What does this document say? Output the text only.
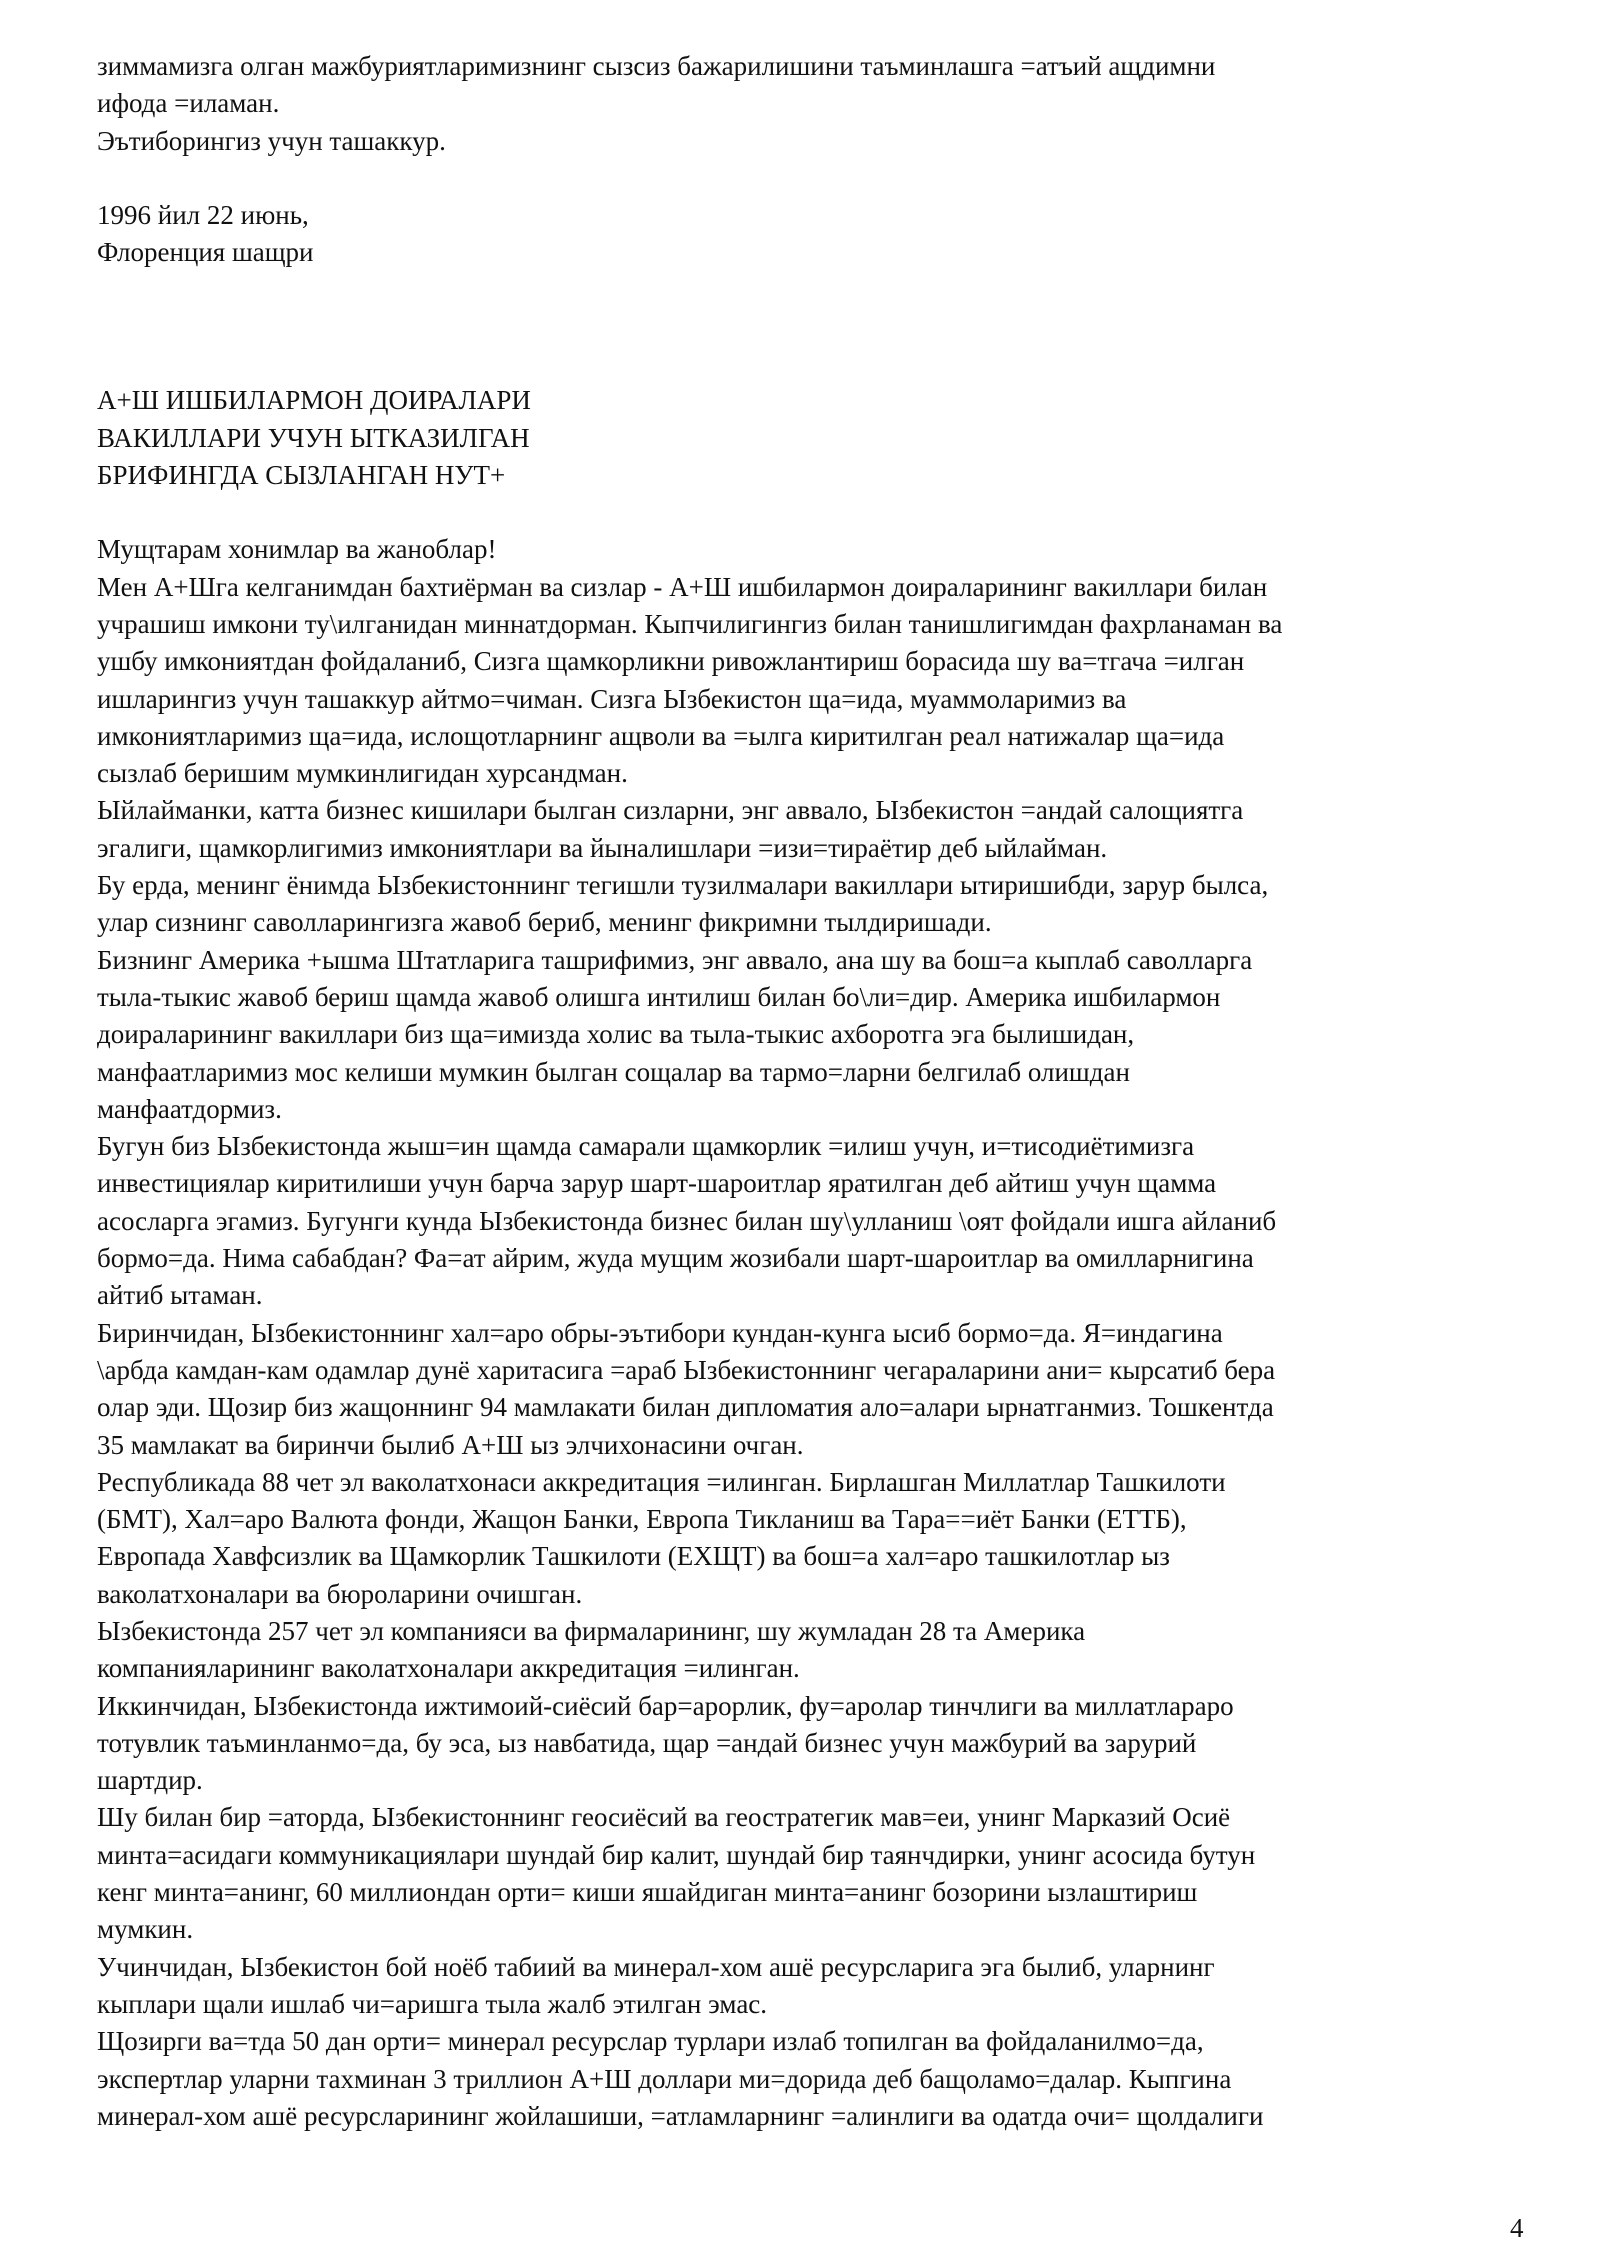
зиммамизга олган мажбуриятларимизнинг сызсиз бажарилишини таъминлашга =атъий ащдимни
ифода =иламан.
Эътиборингиз учун ташаккур.
1996 йил 22 июнь,
Флоренция шащри
А+Ш ИШБИЛАРМОН ДОИРАЛАРИ
ВАКИЛЛАРИ УЧУН ЫТКАЗИЛГАН
БРИФИНГДА СЫЗЛАНГАН НУТ+
Мущтарам хонимлар ва жаноблар!
Мен А+Шга келганимдан бахтиёрман ва сизлар - А+Ш ишбилармон доираларининг вакиллари билан
учрашиш имкони ту\илганидан миннатдорман. Кыпчилигингиз билан танишлигимдан фахрланаман ва
ушбу имкониятдан фойдаланиб, Сизга щамкорликни ривожлантириш борасида шу ва=тгача =илган
ишларингиз учун ташаккур айтмо=чиман. Сизга Ызбекистон ща=ида, муаммоларимиз ва
имкониятларимиз ща=ида, ислощотларнинг ащволи ва =ылга киритилган реал натижалар ща=ида
сызлаб беришим мумкинлигидан хурсандман.
Ыйлайманки, катта бизнес кишилари былган сизларни, энг аввало, Ызбекистон =андай салощиятга
эгалиги, щамкорлигимиз имкониятлари ва йыналишлари =изи=тираётир деб ыйлайман.
Бу ерда, менинг ёнимда Ызбекистоннинг тегишли тузилмалари вакиллари ытиришибди, зарур былса,
улар сизнинг саволларингизга жавоб бериб, менинг фикримни тылдиришади.
Бизнинг Америка +ышма Штатларига ташрифимиз, энг аввало, ана шу ва бош=а кыплаб саволларга
тыла-тыкис жавоб бериш щамда жавоб олишга интилиш билан бо\ли=дир. Америка ишбилармон
доираларининг вакиллари биз ща=имизда холис ва тыла-тыкис ахборотга эга былишидан,
манфаатларимиз мос келиши мумкин былган сощалар ва тармо=ларни белгилаб олишдан
манфаатдормиз.
Бугун биз Ызбекистонда жыш=ин щамда самарали щамкорлик =илиш учун, и=тисодиётимизга
инвестициялар киритилиши учун барча зарур шарт-шароитлар яратилган деб айтиш учун щамма
асосларга эгамиз. Бугунги кунда Ызбекистонда бизнес билан шу\улланиш \оят фойдали ишга айланиб
бормо=да. Нима сабабдан? Фа=ат айрим, жуда мущим жозибали шарт-шароитлар ва омилларнигина
айтиб ытаман.
Биринчидан, Ызбекистоннинг хал=аро обры-эътибори кундан-кунга ысиб бормо=да. Я=индагина
\арбда камдан-кам одамлар дунё харитасига =араб Ызбекистоннинг чегараларини ани= кырсатиб бера
олар эди. Щозир биз жащоннинг 94 мамлакати билан дипломатия ало=алари ырнатганмиз. Тошкентда
35 мамлакат ва биринчи былиб А+Ш ыз элчихонасини очган.
Республикада 88 чет эл ваколатхонаси аккредитация =илинган. Бирлашган Миллатлар Ташкилоти
(БМТ), Хал=аро Валюта фонди, Жащон Банки, Европа Тикланиш ва Тара==иёт Банки (ЕТТБ),
Европада Хавфсизлик ва Щамкорлик Ташкилоти (ЕХЩТ) ва бош=а хал=аро ташкилотлар ыз
ваколатхоналари ва бюроларини очишган.
Ызбекистонда 257 чет эл компанияси ва фирмаларининг, шу жумладан 28 та Америка
компанияларининг ваколатхоналари аккредитация =илинган.
Иккинчидан, Ызбекистонда ижтимоий-сиёсий бар=арорлик, фу=аролар тинчлиги ва миллатлараро
тотувлик таъминланмо=да, бу эса, ыз навбатида, щар =андай бизнес учун мажбурий ва зарурий
шартдир.
Шу билан бир =аторда, Ызбекистоннинг геосиёсий ва геостратегик мав=еи, унинг Марказий Осиё
минта=асидаги коммуникациялари шундай бир калит, шундай бир таянчдирки, унинг асосида бутун
кенг минта=анинг, 60 миллиондан орти= киши яшайдиган минта=анинг бозорини ызлаштириш
мумкин.
Учинчидан, Ызбекистон бой ноёб табиий ва минерал-хом ашё ресурсларига эга былиб, уларнинг
кыплари щали ишлаб чи=аришга тыла жалб этилган эмас.
Щозирги ва=тда 50 дан орти= минерал ресурслар турлари излаб топилган ва фойдаланилмо=да,
экспертлар уларни тахминан 3 триллион А+Ш доллари ми=дорида деб бащоламо=далар. Кыпгина
минерал-хом ашё ресурсларининг жойлашиши, =атламларнинг =алинлиги ва одатда очи= щолдалиги
4
